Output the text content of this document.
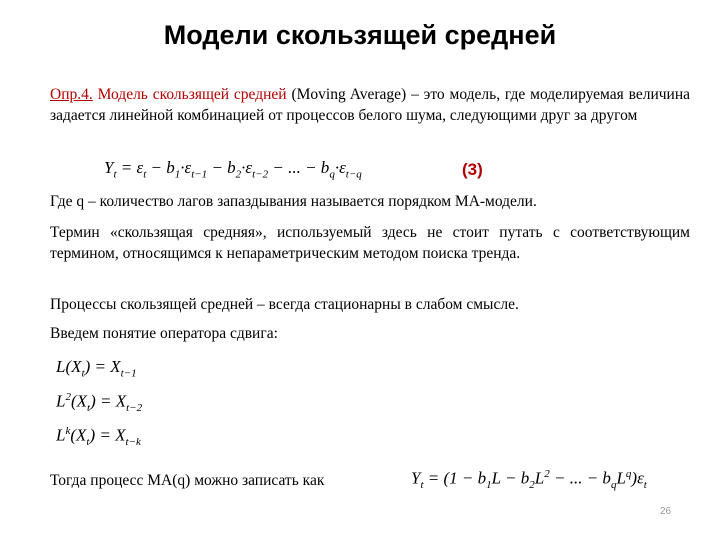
Модели скользящей средней
Опр.4. Модель скользящей средней (Moving Average) – это модель, где моделируемая величина задается линейной комбинацией от процессов белого шума, следующими друг за другом
$Y_t = \varepsilon_t - b_1\cdot\varepsilon_{t-1} - b_2\cdot\varepsilon_{t-2}$ − ... − $b_q\cdot\varepsilon_{t-q}$	(3)
Где q – количество лагов запаздывания называется порядком МА-модели.
Термин «скользящая средняя», используемый здесь не стоит путать с соответствующим термином, относящимся к непараметрическим методом поиска тренда.
Процессы скользящей средней – всегда стационарны в слабом смысле.
Введем понятие оператора сдвига:
$L(X_t) = X_{t-1}$
$L^2(X_t) = X_{t-2}$
$L^k(X_t) = X_{t-k}$
Тогда процесс МА(q) можно записать как	$Y_t = (1 - b_1L - b_2L^2$ − ... − $b_qL^q)\varepsilon_t$
26
